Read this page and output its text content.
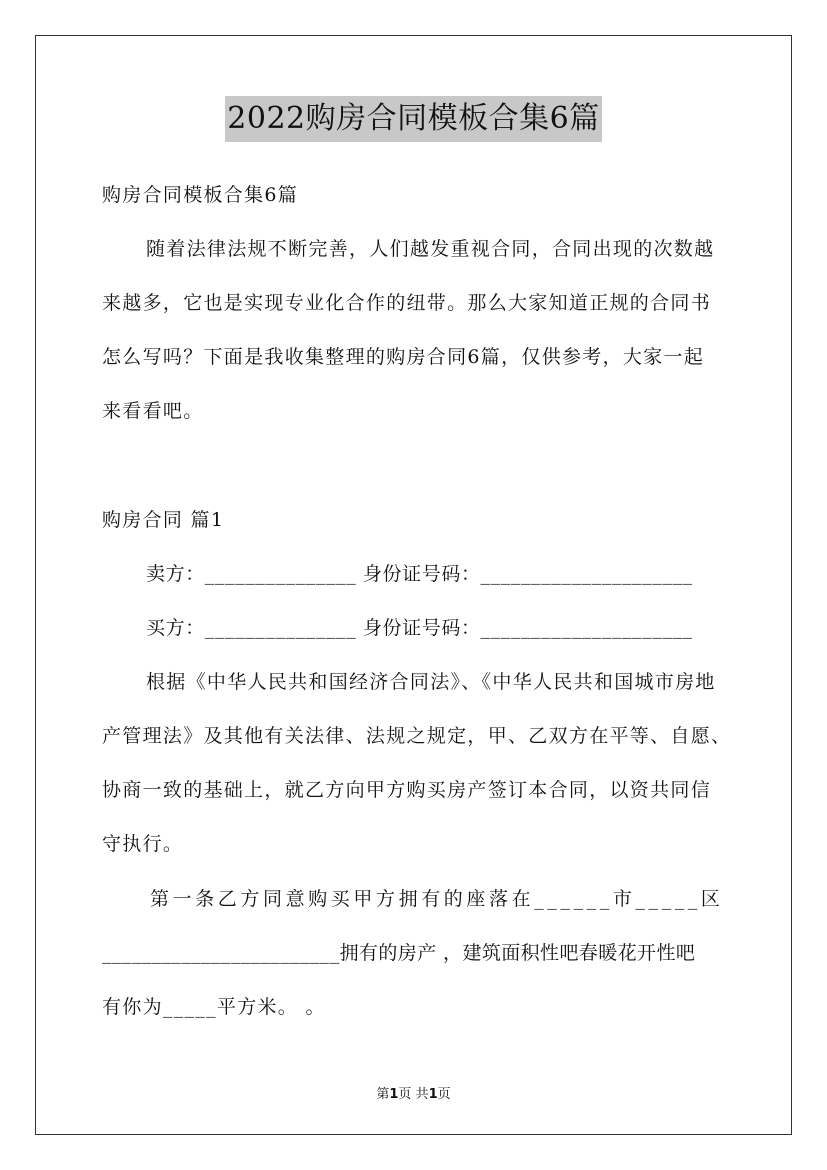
2022购房合同模板合集6篇
购房合同模板合集6篇
随着法律法规不断完善，人们越发重视合同，合同出现的次数越
来越多，它也是实现专业化合作的纽带。那么大家知道正规的合同书
怎么写吗？下面是我收集整理的购房合同6篇，仅供参考，大家一起
来看看吧。
购房合同 篇1
卖方：_______________ 身份证号码：_____________________
买方：_______________ 身份证号码：_____________________
根据《中华人民共和国经济合同法》、《中华人民共和国城市房地
产管理法》及其他有关法律、法规之规定，甲、乙双方在平等、自愿、
协商一致的基础上，就乙方向甲方购买房产签订本合同，以资共同信
守执行。
第一条乙方同意购买甲方拥有的座落在______市_____区
________________________拥有的房产 ，建筑面积性吧春暖花开性吧
有你为_____平方米。 。
第1页 共1页
